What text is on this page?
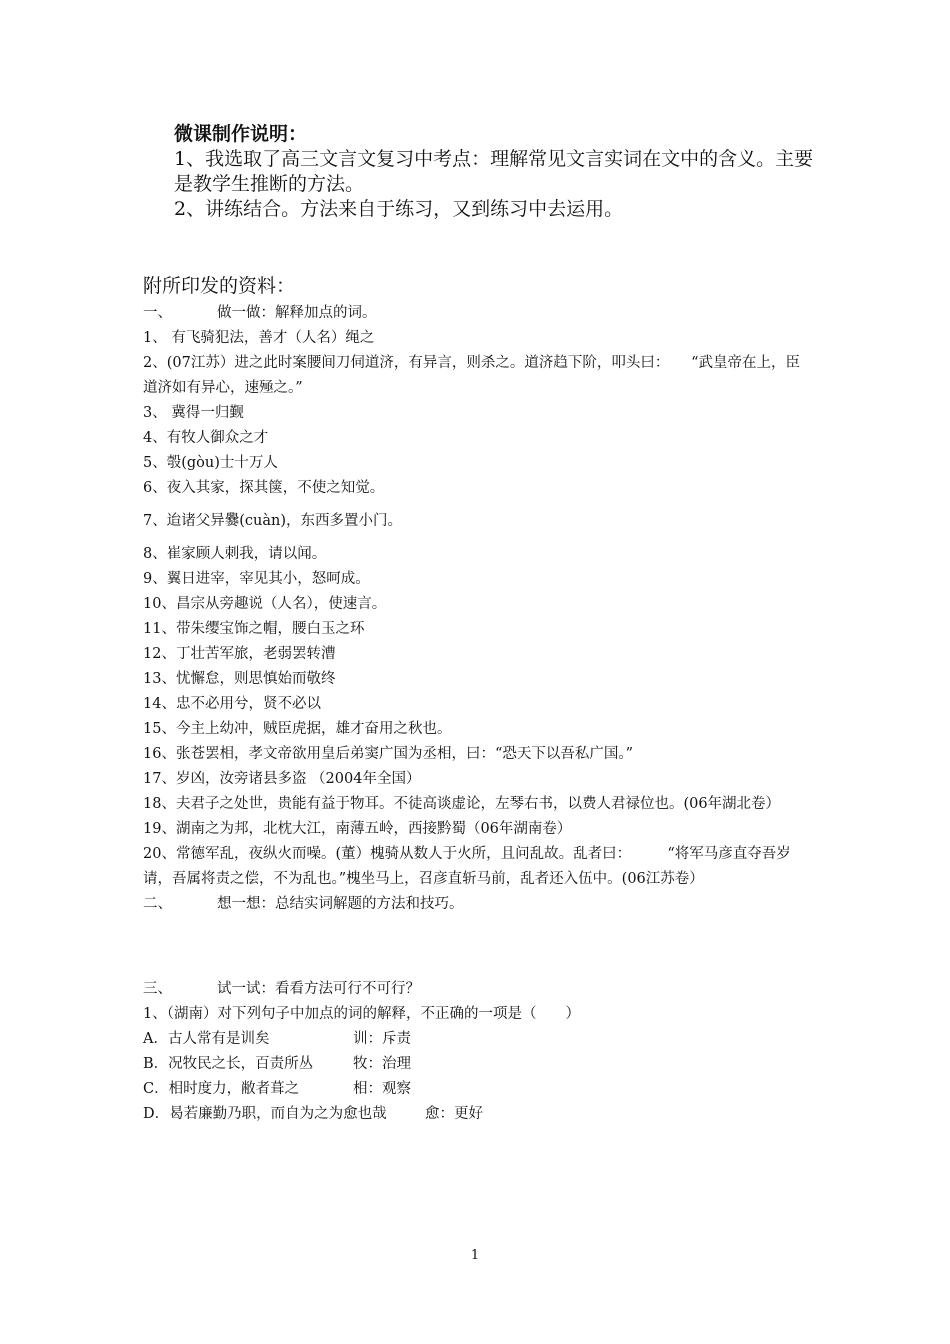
微课制作说明：

1、我选取了高三文言文复习中考点：理解常见文言实词在文中的含义。主要是教学生推断的方法。

2、讲练结合。方法来自于练习，又到练习中去运用。

附所印发的资料：

一、	做一做：解释加点的词。

1、 有飞骑犯法，善才（人名）绳之

2、(07江苏）进之此时案腰间刀伺道济，有异言，则杀之。道济趋下阶，叩头曰：　　“武皇帝在上，臣道济如有异心，速殛之。”

3、 冀得一归觐

4、有牧人御众之才

5、彀(gòu)士十万人

6、夜入其家，探其箧，不使之知觉。

7、迨诸父异爨(cuàn)，东西多置小门。

8、崔家顾人刺我，请以闻。

9、翼日进宰，宰见其小，怒呵成。

10、昌宗从旁趣说（人名），使速言。

11、带朱缨宝饰之帽，腰白玉之环

12、丁壮苦军旅，老弱罢转漕

13、忧懈怠，则思慎始而敬终

14、忠不必用兮，贤不必以

15、今主上幼冲，贼臣虎据，雄才奋用之秋也。

16、张苍罢相，孝文帝欲用皇后弟窦广国为丞相，曰：“恐天下以吾私广国。”

17、岁凶，汝旁诸县多盗 （2004年全国）

18、夫君子之处世，贵能有益于物耳。不徒高谈虚论，左琴右书，以费人君禄位也。(06年湖北卷）

19、湖南之为邦，北枕大江，南薄五岭，西接黔蜀（06年湖南卷）

20、常德军乱，夜纵火而噪。(董）槐骑从数人于火所，且问乱故。乱者曰：　　　“将军马彦直夺吾岁请，吾属将责之偿，不为乱也。”槐坐马上，召彦直斩马前，乱者还入伍中。(06江苏卷）

二、	想一想：总结实词解题的方法和技巧。

三、	试一试：看看方法可行不可行？

1、（湖南）对下列句子中加点的词的解释，不正确的一项是（　　）

A．古人常有是训矣	训：斥责

B．况牧民之长，百责所丛	牧：治理

C．相时度力，敝者葺之	相：观察

D．曷若廉勤乃职，而自为之为愈也哉	愈：更好

1
